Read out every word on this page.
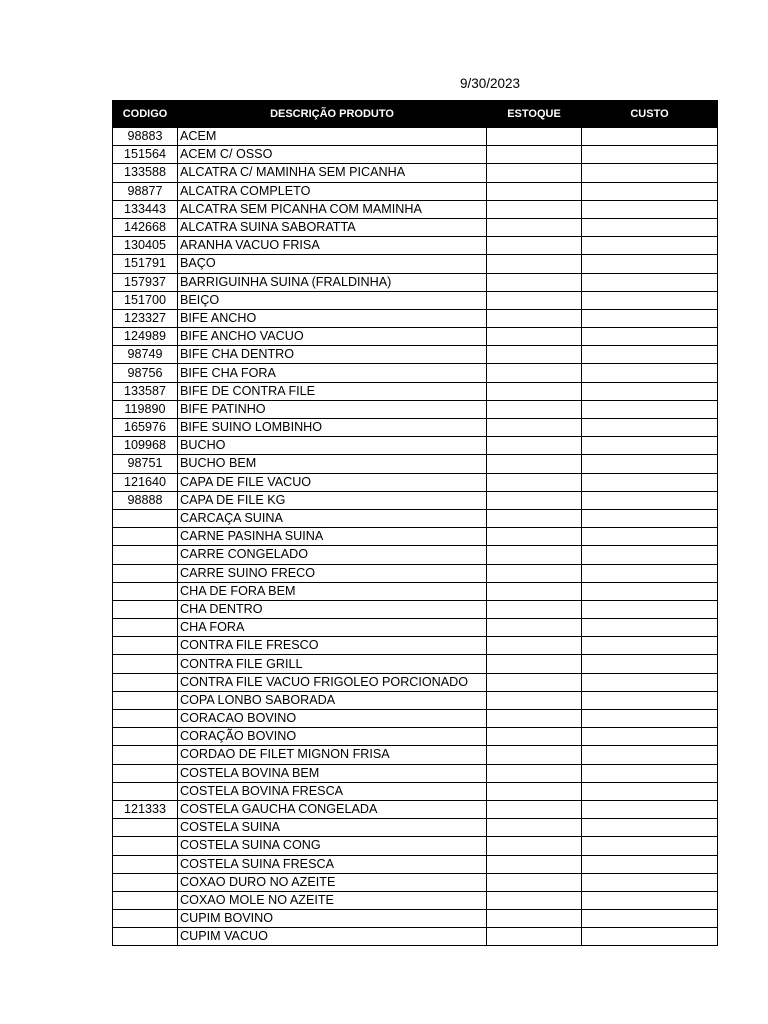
9/30/2023
CODIGO	DESCRIÇÃO PRODUTO	ESTOQUE	CUSTO
98883	ACEM		
151564	ACEM C/ OSSO		
133588	ALCATRA C/ MAMINHA SEM PICANHA		
98877	ALCATRA COMPLETO		
133443	ALCATRA SEM PICANHA COM MAMINHA		
142668	ALCATRA SUINA SABORATTA		
130405	ARANHA VACUO FRISA		
151791	BAÇO		
157937	BARRIGUINHA SUINA (FRALDINHA)		
151700	BEIÇO		
123327	BIFE ANCHO		
124989	BIFE ANCHO VACUO		
98749	BIFE CHA DENTRO		
98756	BIFE CHA FORA		
133587	BIFE DE CONTRA FILE		
119890	BIFE PATINHO		
165976	BIFE SUINO LOMBINHO		
109968	BUCHO		
98751	BUCHO BEM		
121640	CAPA DE FILE VACUO		
98888	CAPA DE FILE KG		
	CARCAÇA SUINA		
	CARNE PASINHA SUINA		
	CARRE CONGELADO		
	CARRE SUINO FRECO		
	CHA DE FORA BEM		
	CHA DENTRO		
	CHA FORA		
	CONTRA FILE FRESCO		
	CONTRA FILE GRILL		
	CONTRA FILE VACUO FRIGOLEO PORCIONADO		
	COPA LONBO SABORADA		
	CORACAO BOVINO		
	CORAÇÃO BOVINO		
	CORDAO DE FILET MIGNON FRISA		
	COSTELA BOVINA BEM		
	COSTELA BOVINA FRESCA		
121333	COSTELA GAUCHA CONGELADA		
	COSTELA SUINA		
	COSTELA SUINA CONG		
	COSTELA SUINA FRESCA		
	COXAO DURO NO AZEITE		
	COXAO MOLE NO AZEITE		
	CUPIM BOVINO		
	CUPIM VACUO		
